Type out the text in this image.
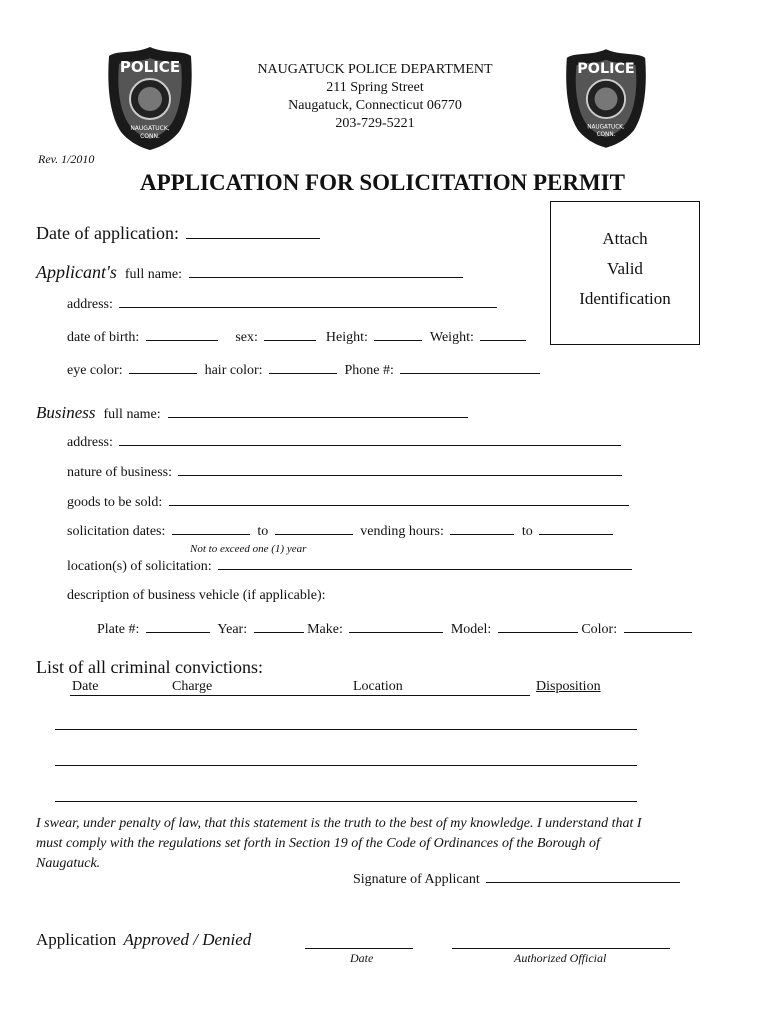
POLICE
NAUGATUCK,
CONN.
POLICE
NAUGATUCK,
CONN.
NAUGATUCK POLICE DEPARTMENT
211 Spring Street
Naugatuck, Connecticut 06770
203-729-5221
Rev. 1/2010
APPLICATION FOR SOLICITATION PERMIT
Attach
Valid
Identification
Date of application:
Applicant's full name:
address:
date of birth:	sex:	Height:	Weight:
eye color:	hair color:	Phone #:
Business full name:
address:
nature of business:
goods to be sold:
solicitation dates:	to	vending hours:	to
Not to exceed one (1) year
location(s) of solicitation:
description of business vehicle (if applicable):
Plate #:	Year:	Make:	Model:	Color:
List of all criminal convictions:
Date	Charge	Location	Disposition
I swear, under penalty of law, that this statement is the truth to the best of my knowledge. I understand that I
must comply with the regulations set forth in Section 19 of the Code of Ordinances of the Borough of
Naugatuck.
Signature of Applicant
Application Approved / Denied
Date	Authorized Official
